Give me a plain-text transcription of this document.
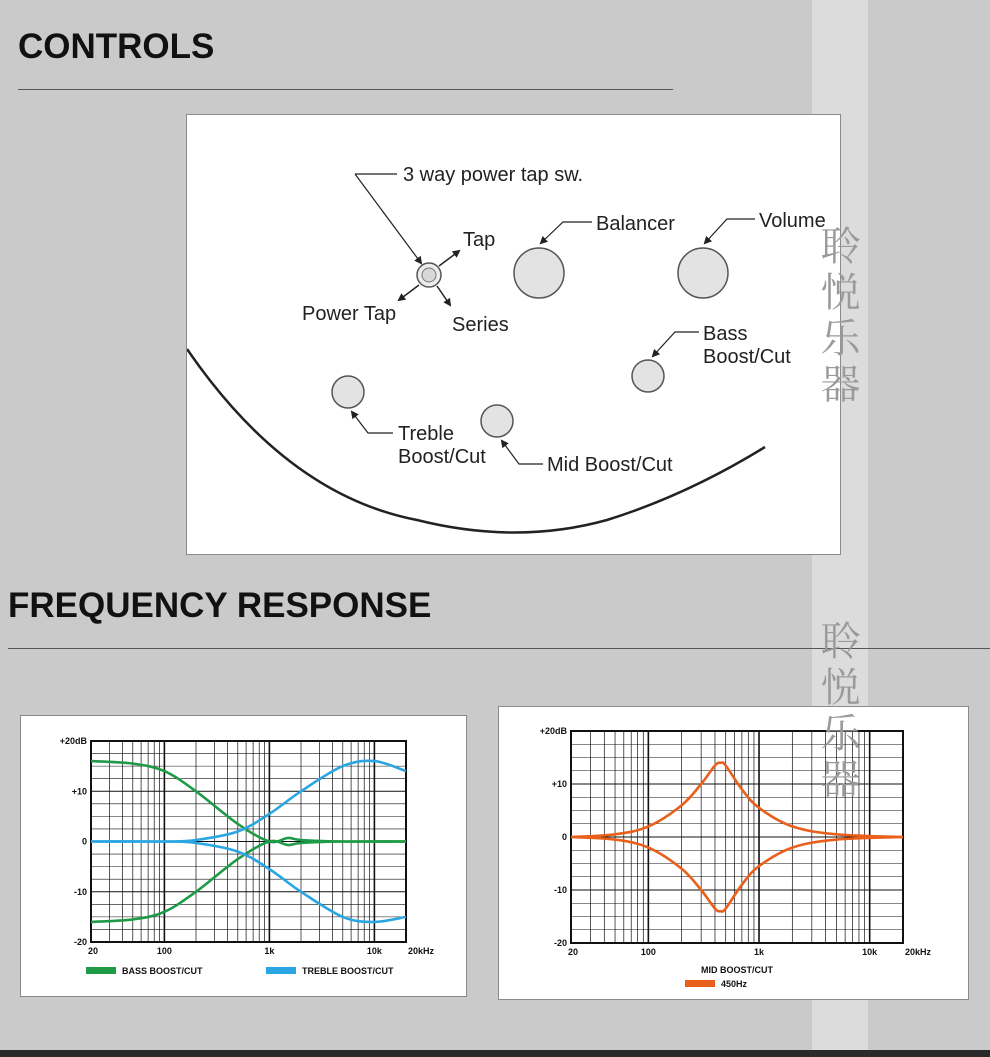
CONTROLS
3 way power tap sw.
Tap
Power Tap	Series
Balancer	Volume
Bass
Boost/Cut
Treble
Boost/Cut	Mid Boost/Cut
FREQUENCY RESPONSE
+20dB
+10
0
-10
-20
20	100	1k	10k	20kHz
BASS BOOST/CUT	TREBLE BOOST/CUT
+20dB
+10
0
-10
-20
20	100	1k	10k	20kHz
MID BOOST/CUT
450Hz
聆悦乐器
聆悦乐器
